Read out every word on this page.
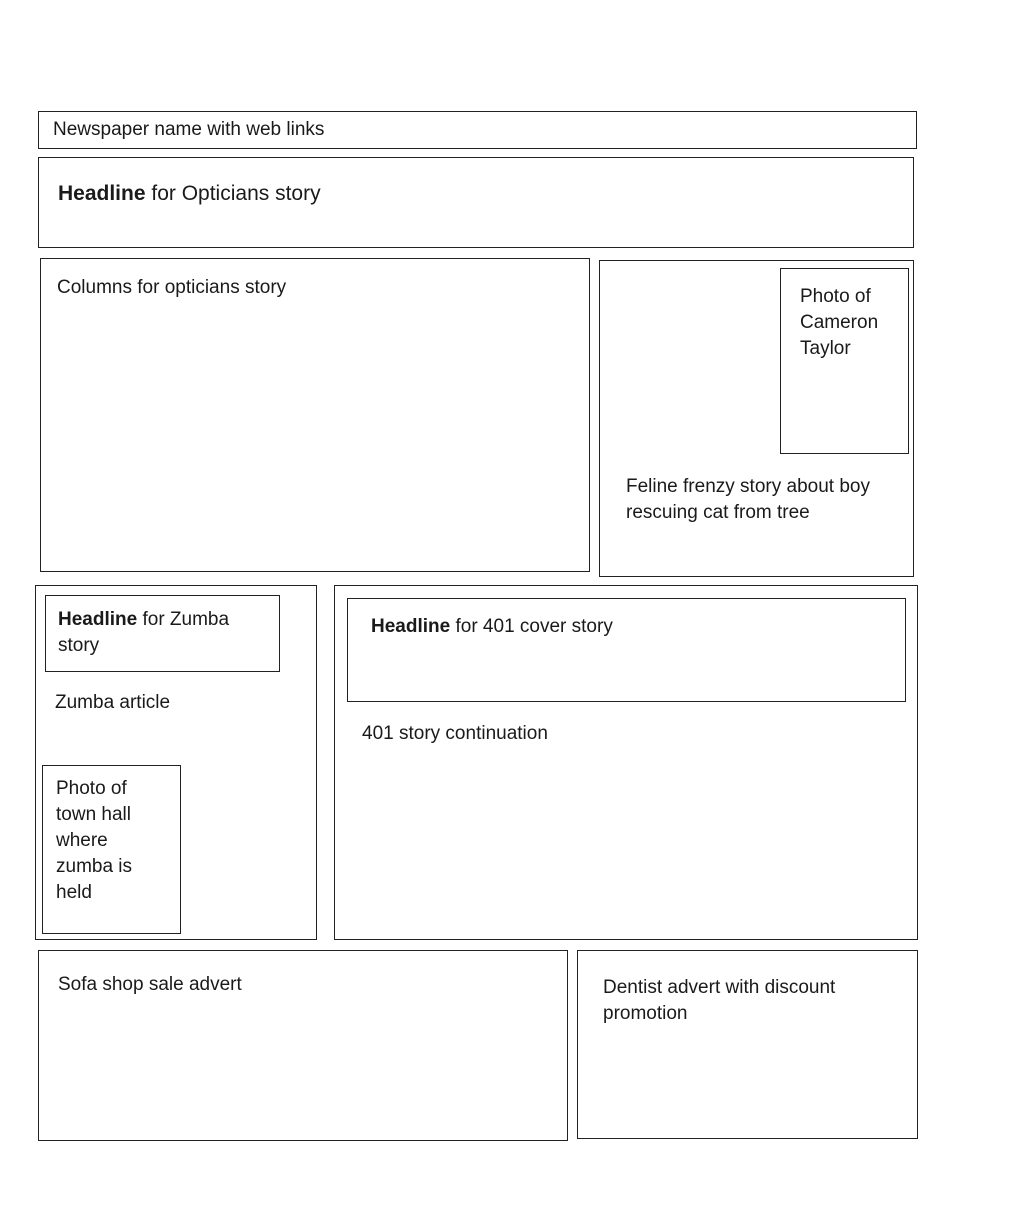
Newspaper name with web links
Headline for Opticians story
Columns for opticians story	Photo of Cameron Taylor
Feline frenzy story about boy rescuing cat from tree
Headline for Zumba story
Zumba article
Photo of town hall where zumba is held
Headline for 401 cover story
401 story continuation
Sofa shop sale advert	Dentist advert with discount promotion
